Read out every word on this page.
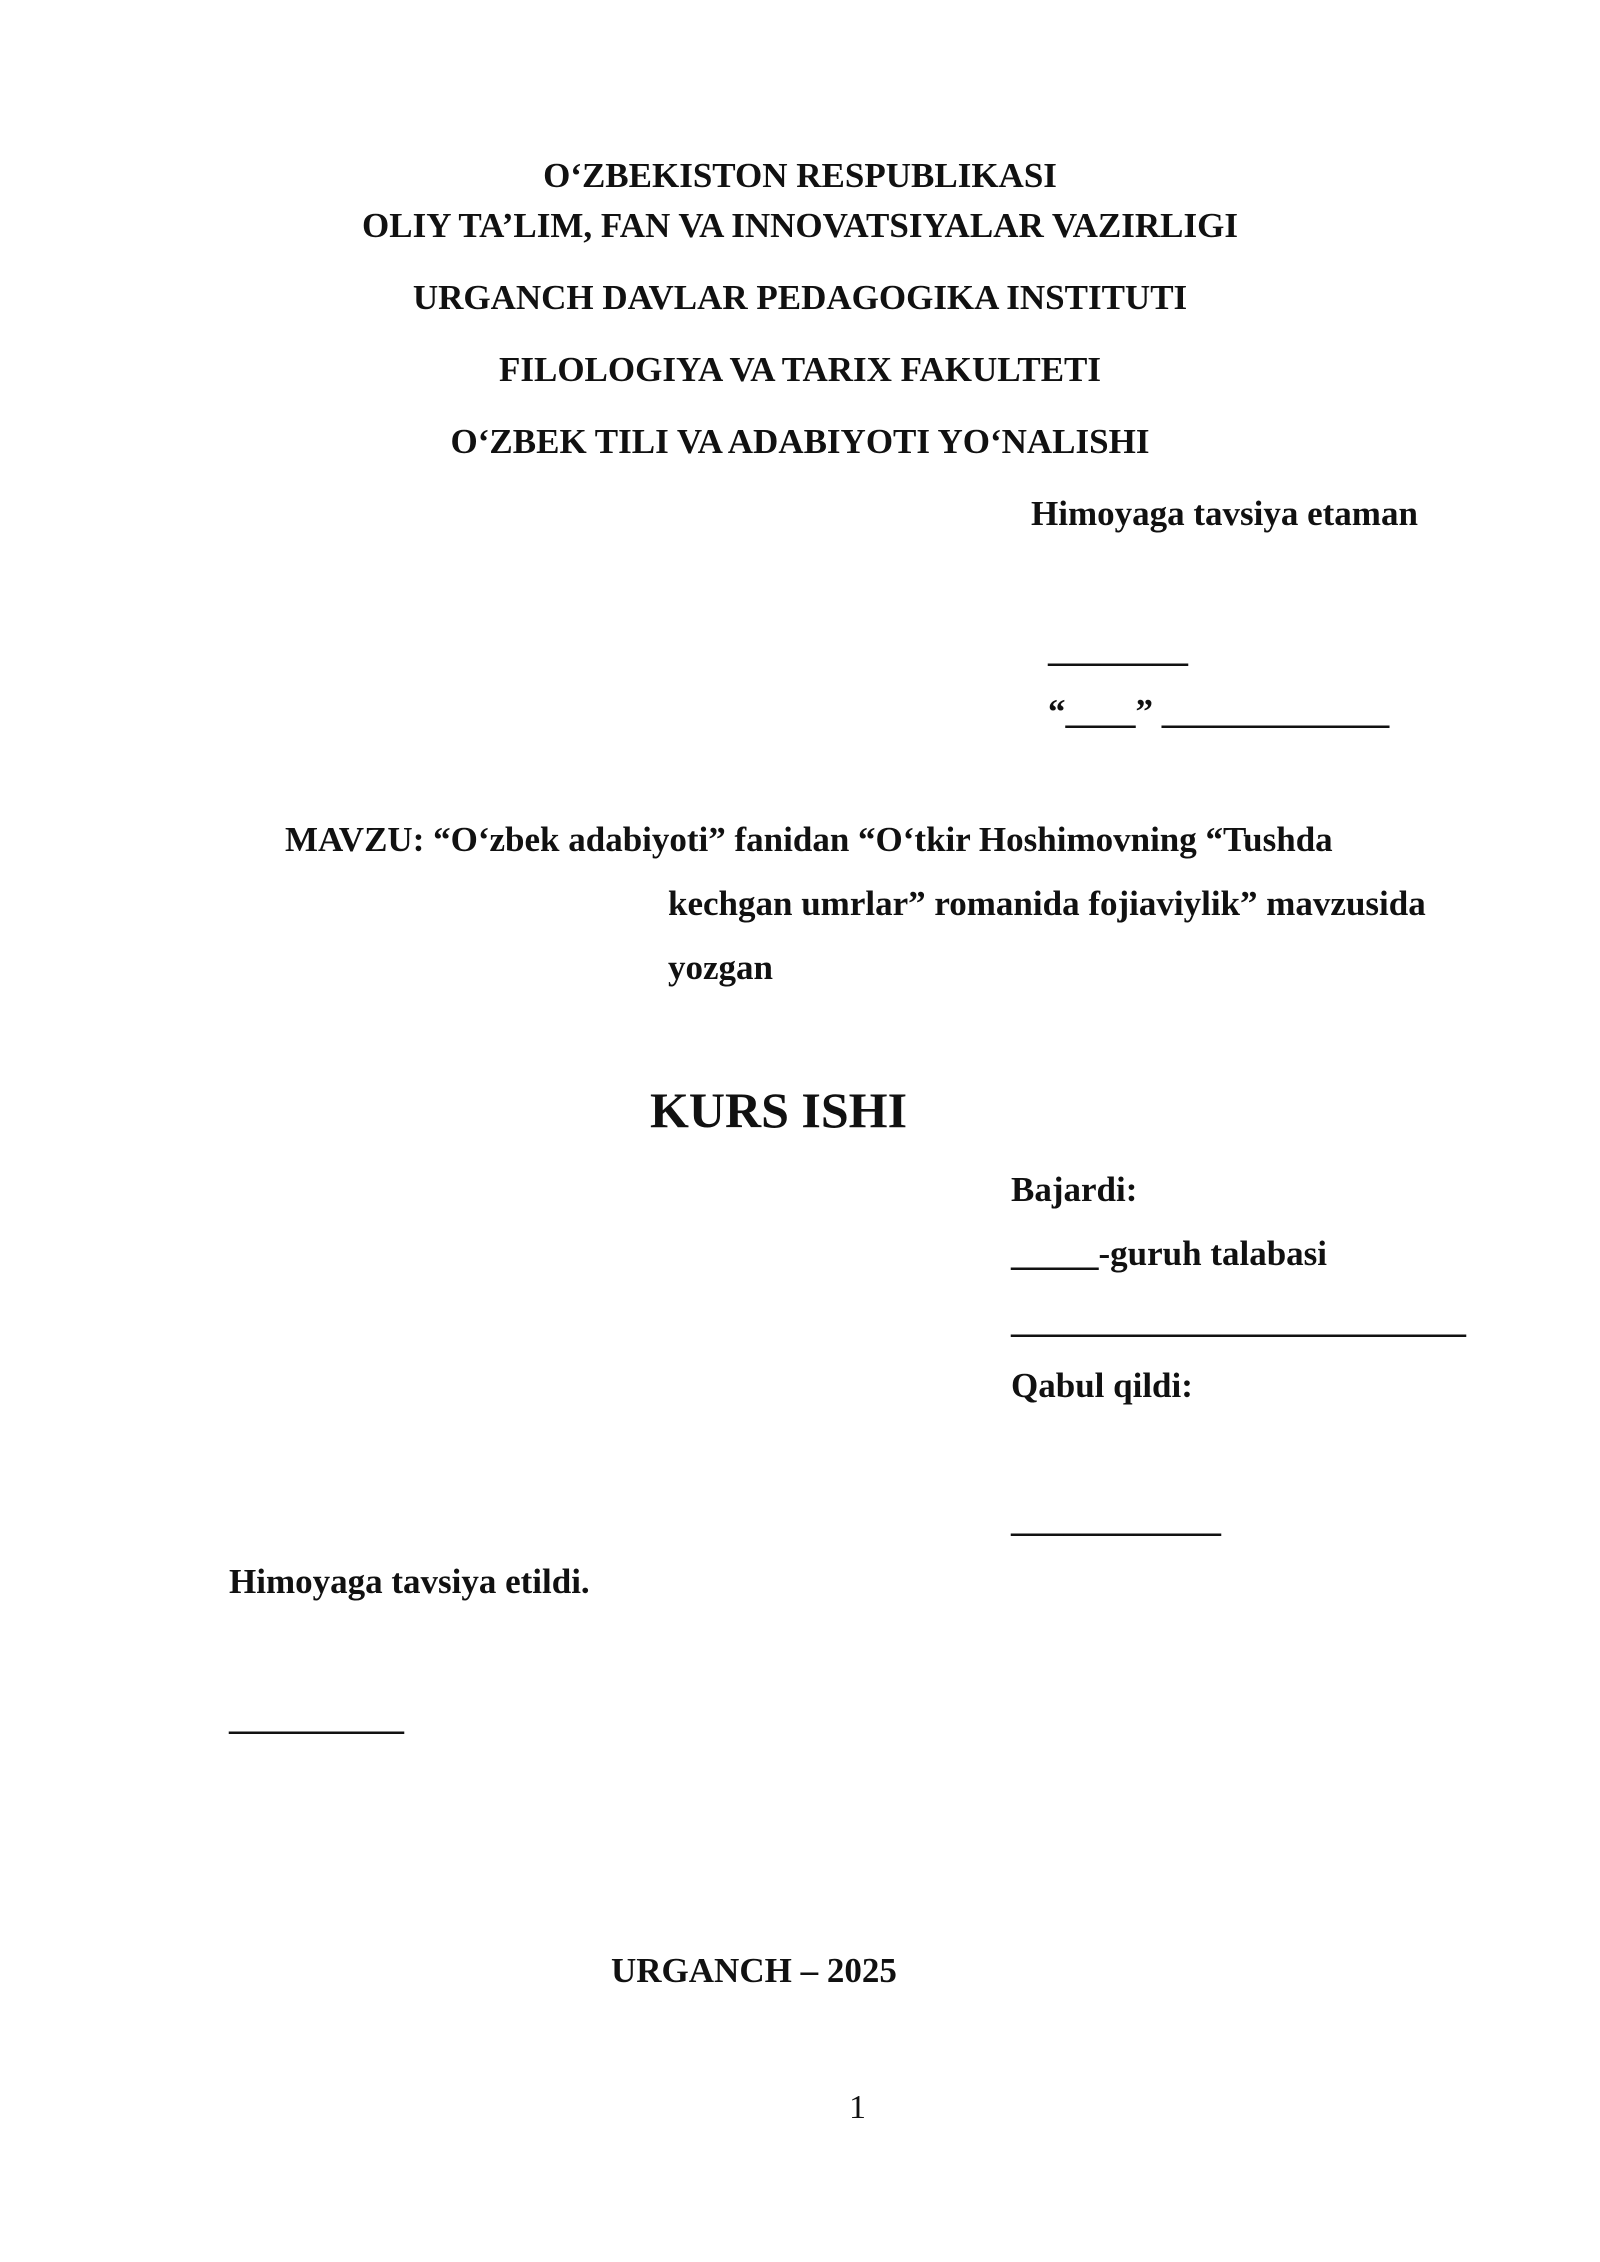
O‘ZBEKISTON RESPUBLIKASI
OLIY TA’LIM, FAN VA INNOVATSIYALAR VAZIRLIGI
URGANCH DAVLAR PEDAGOGIKA INSTITUTI
FILOLOGIYA VA TARIX FAKULTETI
O‘ZBEK TILI VA ADABIYOTI YO‘NALISHI
Himoyaga tavsiya etaman
________
“____” _____________
MAVZU: “O‘zbek adabiyoti” fanidan “O‘tkir Hoshimovning “Tushda
kechgan umrlar” romanida fojiaviylik” mavzusida
yozgan
KURS ISHI
Bajardi:
_____-guruh talabasi
__________________________
Qabul qildi:
____________
Himoyaga tavsiya etildi.
__________
URGANCH – 2025
1
